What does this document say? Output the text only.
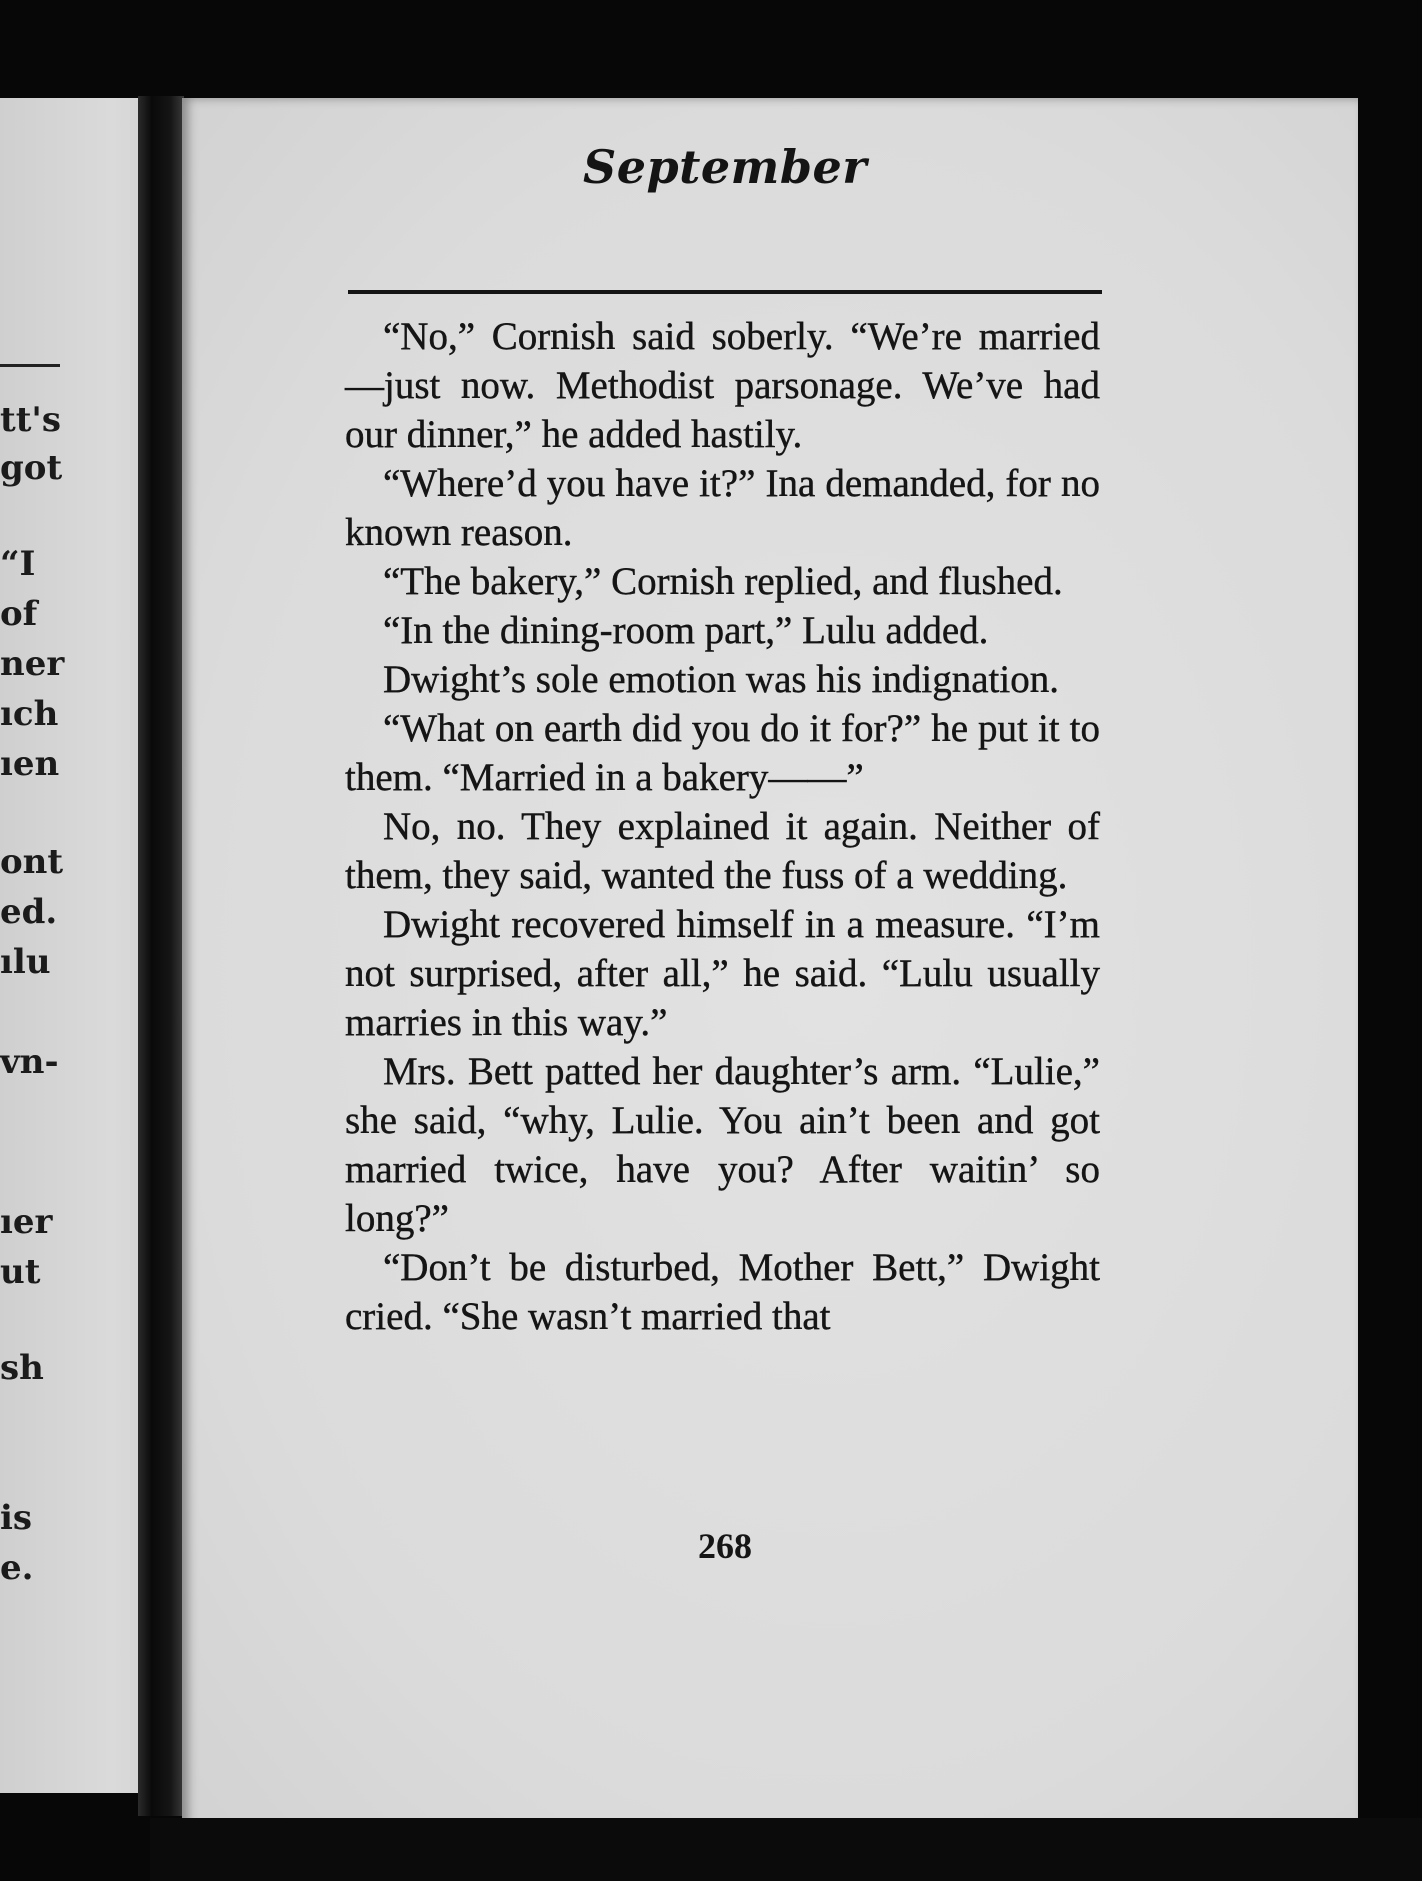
tt's
got
“I
of
ner
ıch
ıen
ont
ed.
ılu
vn-
ıer
ut
sh
is
e.
September

“No,” Cornish said soberly. “We’re married—just now. Methodist parsonage. We’ve had our dinner,” he added hastily.

“Where’d you have it?” Ina demanded, for no known reason.

“The bakery,” Cornish replied, and flushed.

“In the dining-room part,” Lulu added.

Dwight’s sole emotion was his indignation.

“What on earth did you do it for?” he put it to them. “Married in a bakery——”

No, no. They explained it again. Neither of them, they said, wanted the fuss of a wedding.

Dwight recovered himself in a measure. “I’m not surprised, after all,” he said. “Lulu usually marries in this way.”

Mrs. Bett patted her daughter’s arm. “Lulie,” she said, “why, Lulie. You ain’t been and got married twice, have you? After waitin’ so long?”

“Don’t be disturbed, Mother Bett,” Dwight cried. “She wasn’t married that

268
